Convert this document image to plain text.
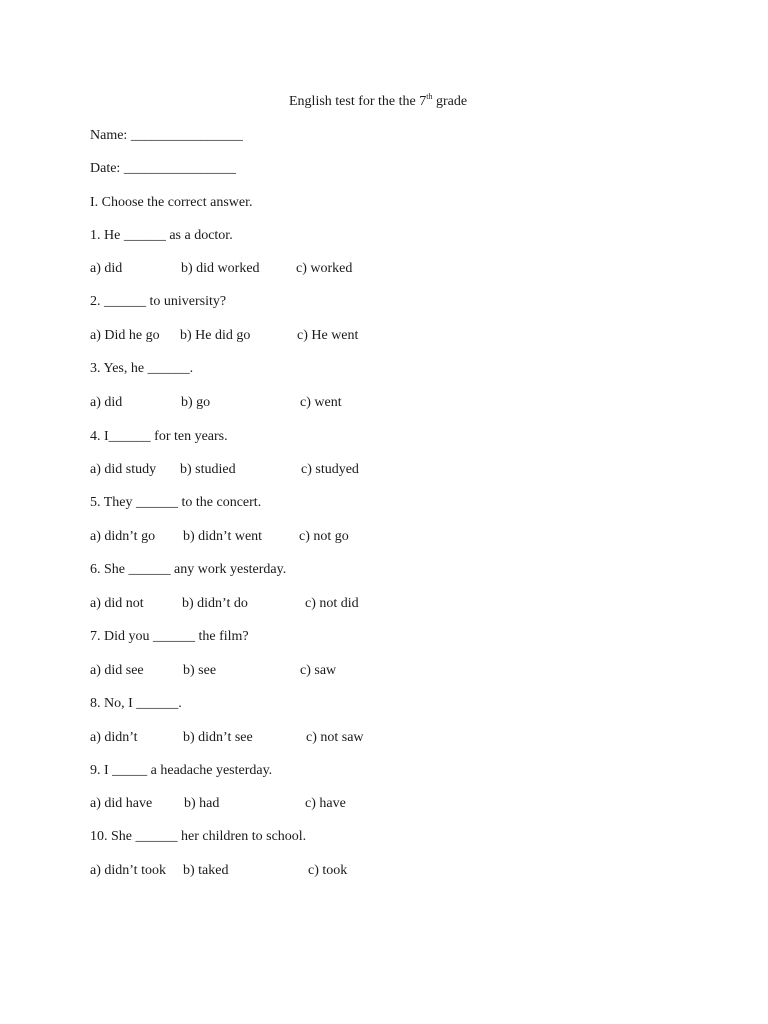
English test for the the 7th grade
Name: ________________
Date: ________________
I. Choose the correct answer.
1. He ______ as a doctor.
a) did	b) did worked	c) worked
2. ______ to university?
a) Did he go b) He did go	c) He went
3. Yes, he ______.
a) did	b) go	c) went
4. I______ for ten years.
a) did study b) studied	c) studyed
5. They ______ to the concert.
a) didn’t go b) didn’t went	c) not go
6. She ______ any work yesterday.
a) did not	b) didn’t do	c) not did
7. Did you ______ the film?
a) did see	b) see	c) saw
8. No, I ______.
a) didn’t	b) didn’t see	c) not saw
9. I _____ a headache yesterday.
a) did have b) had	c) have
10. She ______ her children to school.
a) didn’t took b) taked	c) took
